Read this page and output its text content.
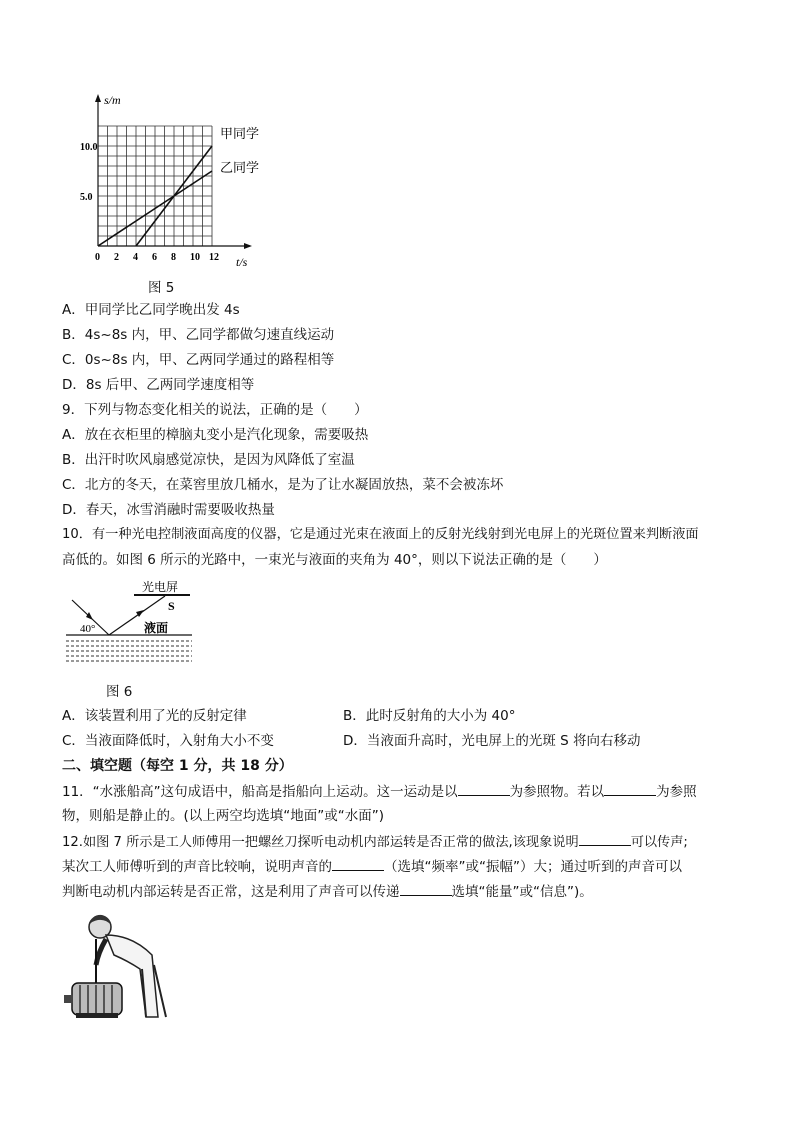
0 2 4 6 8 10 12
5.0
10.0
s/m
t/s
甲同学
乙同学
图 5
A．甲同学比乙同学晚出发 4s
B．4s~8s 内，甲、乙同学都做匀速直线运动
C．0s~8s 内，甲、乙两同学通过的路程相等
D．8s 后甲、乙两同学速度相等
9．下列与物态变化相关的说法，正确的是（　　）
A．放在衣柜里的樟脑丸变小是汽化现象，需要吸热
B．出汗时吹风扇感觉凉快，是因为风降低了室温
C．北方的冬天，在菜窖里放几桶水，是为了让水凝固放热，菜不会被冻坏
D．春天，冰雪消融时需要吸收热量
10．有一种光电控制液面高度的仪器，它是通过光束在液面上的反射光线射到光电屏上的光斑位置来判断液面
高低的。如图 6 所示的光路中，一束光与液面的夹角为 40°，则以下说法正确的是（　　）
光电屏
S
40°	液面
图 6
A．该装置利用了光的反射定律	B．此时反射角的大小为 40°
C．当液面降低时，入射角大小不变	D．当液面升高时，光电屏上的光斑 S 将向右移动
二、填空题（每空 1 分，共 18 分）
11．“水涨船高”这句成语中，船高是指船向上运动。这一运动是以	为参照物。若以	为参照
物，则船是静止的。(以上两空均选填“地面”或“水面”)
12.如图 7 所示是工人师傅用一把螺丝刀探听电动机内部运转是否正常的做法,该现象说明	可以传声;
某次工人师傅听到的声音比较响，说明声音的	（选填“频率”或“振幅”）大；通过听到的声音可以
判断电动机内部运转是否正常，这是利用了声音可以传递	选填“能量”或“信息”)。
